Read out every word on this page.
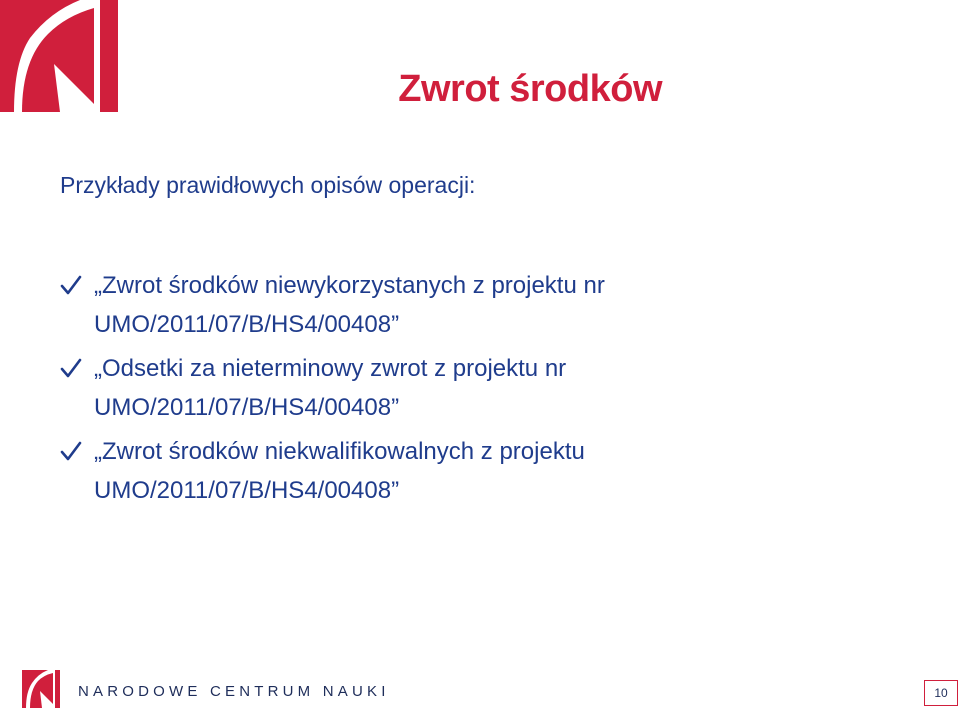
Zwrot środków
Przykłady prawidłowych opisów operacji:
„Zwrot środków niewykorzystanych z projektu nr
UMO/2011/07/B/HS4/00408”
„Odsetki za nieterminowy zwrot z projektu nr
UMO/2011/07/B/HS4/00408”
„Zwrot środków niekwalifikowalnych z projektu
UMO/2011/07/B/HS4/00408”
NARODOWE CENTRUM NAUKI	10
